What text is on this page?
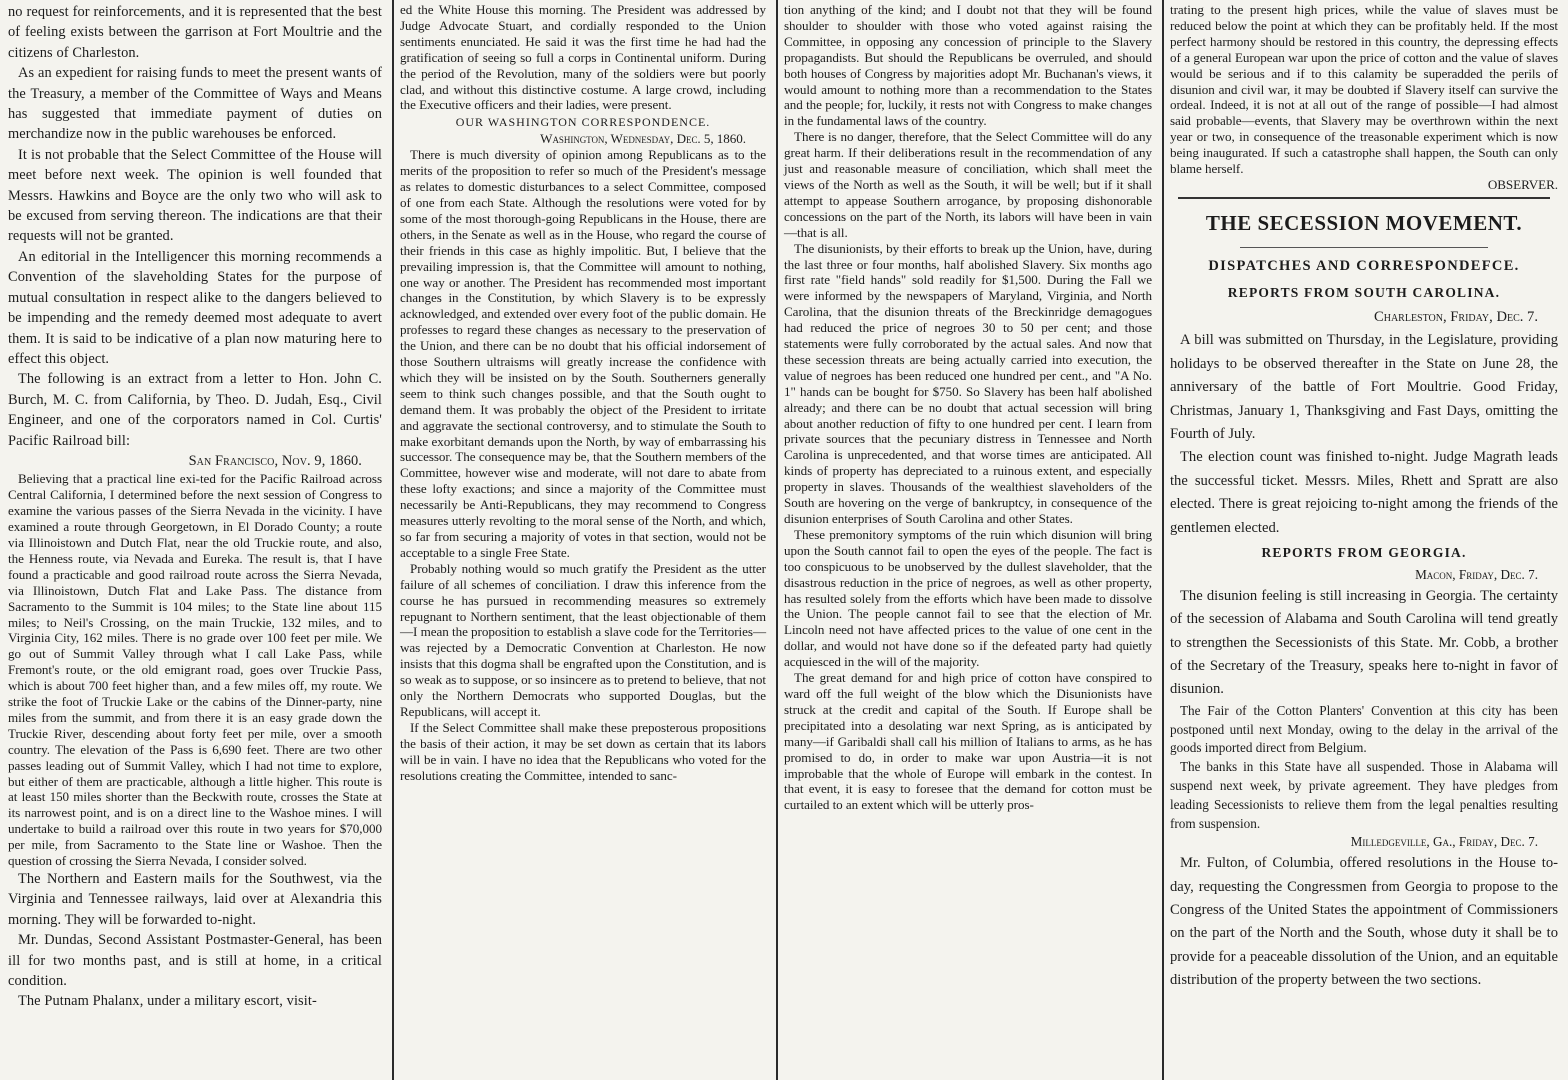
no request for reinforcements, and it is represented that the best of feeling exists between the garrison at Fort Moultrie and the citizens of Charleston.

As an expedient for raising funds to meet the present wants of the Treasury, a member of the Committee of Ways and Means has suggested that immediate payment of duties on merchandize now in the public warehouses be enforced.

It is not probable that the Select Committee of the House will meet before next week. The opinion is well founded that Messrs. Hawkins and Boyce are the only two who will ask to be excused from serving thereon. The indications are that their requests will not be granted.

An editorial in the Intelligencer this morning recommends a Convention of the slaveholding States for the purpose of mutual consultation in respect alike to the dangers believed to be impending and the remedy deemed most adequate to avert them. It is said to be indicative of a plan now maturing here to effect this object.

The following is an extract from a letter to Hon. John C. Burch, M. C. from California, by Theo. D. Judah, Esq., Civil Engineer, and one of the corporators named in Col. Curtis' Pacific Railroad bill:

San Francisco, Nov. 9, 1860.

Believing that a practical line exi-ted for the Pacific Railroad across Central California, I determined before the next session of Congress to examine the various passes of the Sierra Nevada in the vicinity. I have examined a route through Georgetown, in El Dorado County; a route via Illinoistown and Dutch Flat, near the old Truckie route, and also, the Henness route, via Nevada and Eureka. The result is, that I have found a practicable and good railroad route across the Sierra Nevada, via Illinoistown, Dutch Flat and Lake Pass. The distance from Sacramento to the Summit is 104 miles; to the State line about 115 miles; to Neil's Crossing, on the main Truckie, 132 miles, and to Virginia City, 162 miles. There is no grade over 100 feet per mile. We go out of Summit Valley through what I call Lake Pass, while Fremont's route, or the old emigrant road, goes over Truckie Pass, which is about 700 feet higher than, and a few miles off, my route. We strike the foot of Truckie Lake or the cabins of the Dinner-party, nine miles from the summit, and from there it is an easy grade down the Truckie River, descending about forty feet per mile, over a smooth country. The elevation of the Pass is 6,690 feet. There are two other passes leading out of Summit Valley, which I had not time to explore, but either of them are practicable, although a little higher. This route is at least 150 miles shorter than the Beckwith route, crosses the State at its narrowest point, and is on a direct line to the Washoe mines. I will undertake to build a railroad over this route in two years for $70,000 per mile, from Sacramento to the State line or Washoe. Then the question of crossing the Sierra Nevada, I consider solved.

The Northern and Eastern mails for the Southwest, via the Virginia and Tennessee railways, laid over at Alexandria this morning. They will be forwarded to-night.

Mr. Dundas, Second Assistant Postmaster-General, has been ill for two months past, and is still at home, in a critical condition.

The Putnam Phalanx, under a military escort, visit-

ed the White House this morning. The President was addressed by Judge Advocate Stuart, and cordially responded to the Union sentiments enunciated. He said it was the first time he had had the gratification of seeing so full a corps in Continental uniform. During the period of the Revolution, many of the soldiers were but poorly clad, and without this distinctive costume. A large crowd, including the Executive officers and their ladies, were present.

OUR WASHINGTON CORRESPONDENCE.

Washington, Wednesday, Dec. 5, 1860.

There is much diversity of opinion among Republicans as to the merits of the proposition to refer so much of the President's message as relates to domestic disturbances to a select Committee, composed of one from each State. Although the resolutions were voted for by some of the most thorough-going Republicans in the House, there are others, in the Senate as well as in the House, who regard the course of their friends in this case as highly impolitic. But, I believe that the prevailing impression is, that the Committee will amount to nothing, one way or another. The President has recommended most important changes in the Constitution, by which Slavery is to be expressly acknowledged, and extended over every foot of the public domain. He professes to regard these changes as necessary to the preservation of the Union, and there can be no doubt that his official indorsement of those Southern ultraisms will greatly increase the confidence with which they will be insisted on by the South. Southerners generally seem to think such changes possible, and that the South ought to demand them. It was probably the object of the President to irritate and aggravate the sectional controversy, and to stimulate the South to make exorbitant demands upon the North, by way of embarrassing his successor. The consequence may be, that the Southern members of the Committee, however wise and moderate, will not dare to abate from these lofty exactions; and since a majority of the Committee must necessarily be Anti-Republicans, they may recommend to Congress measures utterly revolting to the moral sense of the North, and which, so far from securing a majority of votes in that section, would not be acceptable to a single Free State.

Probably nothing would so much gratify the President as the utter failure of all schemes of conciliation. I draw this inference from the course he has pursued in recommending measures so extremely repugnant to Northern sentiment, that the least objectionable of them—I mean the proposition to establish a slave code for the Territories—was rejected by a Democratic Convention at Charleston. He now insists that this dogma shall be engrafted upon the Constitution, and is so weak as to suppose, or so insincere as to pretend to believe, that not only the Northern Democrats who supported Douglas, but the Republicans, will accept it.

If the Select Committee shall make these preposterous propositions the basis of their action, it may be set down as certain that its labors will be in vain. I have no idea that the Republicans who voted for the resolutions creating the Committee, intended to sanc-

tion anything of the kind; and I doubt not that they will be found shoulder to shoulder with those who voted against raising the Committee, in opposing any concession of principle to the Slavery propagandists. But should the Republicans be overruled, and should both houses of Congress by majorities adopt Mr. Buchanan's views, it would amount to nothing more than a recommendation to the States and the people; for, luckily, it rests not with Congress to make changes in the fundamental laws of the country.

There is no danger, therefore, that the Select Committee will do any great harm. If their deliberations result in the recommendation of any just and reasonable measure of conciliation, which shall meet the views of the North as well as the South, it will be well; but if it shall attempt to appease Southern arrogance, by proposing dishonorable concessions on the part of the North, its labors will have been in vain—that is all.

The disunionists, by their efforts to break up the Union, have, during the last three or four months, half abolished Slavery. Six months ago first rate "field hands" sold readily for $1,500. During the Fall we were informed by the newspapers of Maryland, Virginia, and North Carolina, that the disunion threats of the Breckinridge demagogues had reduced the price of negroes 30 to 50 per cent; and those statements were fully corroborated by the actual sales. And now that these secession threats are being actually carried into execution, the value of negroes has been reduced one hundred per cent., and "A No. 1" hands can be bought for $750. So Slavery has been half abolished already; and there can be no doubt that actual secession will bring about another reduction of fifty to one hundred per cent. I learn from private sources that the pecuniary distress in Tennessee and North Carolina is unprecedented, and that worse times are anticipated. All kinds of property has depreciated to a ruinous extent, and especially property in slaves. Thousands of the wealthiest slaveholders of the South are hovering on the verge of bankruptcy, in consequence of the disunion enterprises of South Carolina and other States.

These premonitory symptoms of the ruin which disunion will bring upon the South cannot fail to open the eyes of the people. The fact is too conspicuous to be unobserved by the dullest slaveholder, that the disastrous reduction in the price of negroes, as well as other property, has resulted solely from the efforts which have been made to dissolve the Union. The people cannot fail to see that the election of Mr. Lincoln need not have affected prices to the value of one cent in the dollar, and would not have done so if the defeated party had quietly acquiesced in the will of the majority.

The great demand for and high price of cotton have conspired to ward off the full weight of the blow which the Disunionists have struck at the credit and capital of the South. If Europe shall be precipitated into a desolating war next Spring, as is anticipated by many—if Garibaldi shall call his million of Italians to arms, as he has promised to do, in order to make war upon Austria—it is not improbable that the whole of Europe will embark in the contest. In that event, it is easy to foresee that the demand for cotton must be curtailed to an extent which will be utterly pros-

trating to the present high prices, while the value of slaves must be reduced below the point at which they can be profitably held. If the most perfect harmony should be restored in this country, the depressing effects of a general European war upon the price of cotton and the value of slaves would be serious and if to this calamity be superadded the perils of disunion and civil war, it may be doubted if Slavery itself can survive the ordeal. Indeed, it is not at all out of the range of possible—I had almost said probable—events, that Slavery may be overthrown within the next year or two, in consequence of the treasonable experiment which is now being inaugurated. If such a catastrophe shall happen, the South can only blame herself.

OBSERVER.

THE SECESSION MOVEMENT.

DISPATCHES AND CORRESPONDEFCE.

REPORTS FROM SOUTH CAROLINA.

Charleston, Friday, Dec. 7.

A bill was submitted on Thursday, in the Legislature, providing holidays to be observed thereafter in the State on June 28, the anniversary of the battle of Fort Moultrie. Good Friday, Christmas, January 1, Thanksgiving and Fast Days, omitting the Fourth of July.

The election count was finished to-night. Judge Magrath leads the successful ticket. Messrs. Miles, Rhett and Spratt are also elected. There is great rejoicing to-night among the friends of the gentlemen elected.

REPORTS FROM GEORGIA.

Macon, Friday, Dec. 7.

The disunion feeling is still increasing in Georgia. The certainty of the secession of Alabama and South Carolina will tend greatly to strengthen the Secessionists of this State. Mr. Cobb, a brother of the Secretary of the Treasury, speaks here to-night in favor of disunion.

The Fair of the Cotton Planters' Convention at this city has been postponed until next Monday, owing to the delay in the arrival of the goods imported direct from Belgium.

The banks in this State have all suspended. Those in Alabama will suspend next week, by private agreement. They have pledges from leading Secessionists to relieve them from the legal penalties resulting from suspension.

Milledgeville, Ga., Friday, Dec. 7.

Mr. Fulton, of Columbia, offered resolutions in the House to-day, requesting the Congressmen from Georgia to propose to the Congress of the United States the appointment of Commissioners on the part of the North and the South, whose duty it shall be to provide for a peaceable dissolution of the Union, and an equitable distribution of the property between the two sections.
